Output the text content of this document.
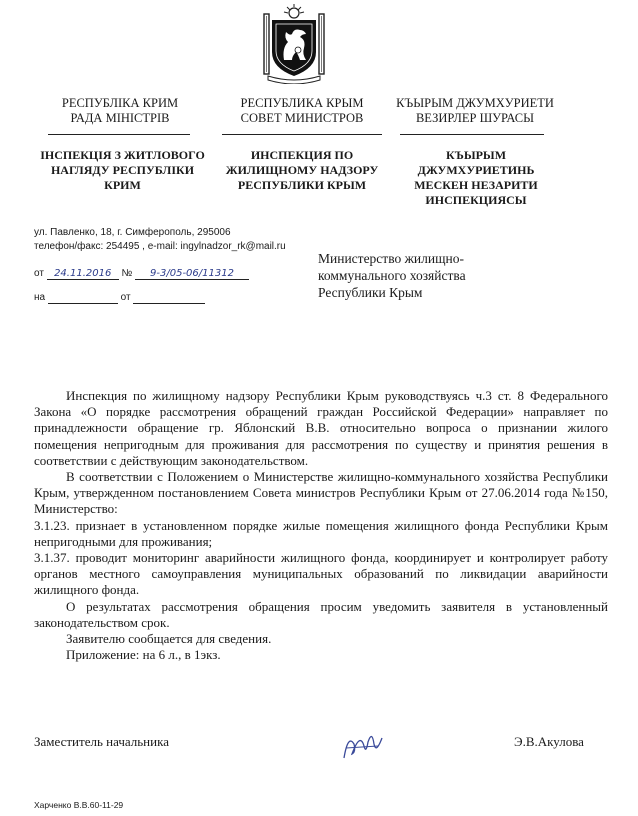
РЕСПУБЛІКА КРИМ
РАДА МІНІСТРІВ
РЕСПУБЛИКА КРЫМ
СОВЕТ МИНИСТРОВ
КЪЫРЫМ ДЖУМХУРИЕТИ
ВЕЗИРЛЕР ШУРАСЫ
ІНСПЕКЦІЯ З ЖИТЛОВОГО
НАГЛЯДУ РЕСПУБЛІКИ
КРИМ
ИНСПЕКЦИЯ ПО
ЖИЛИЩНОМУ НАДЗОРУ
РЕСПУБЛИКИ КРЫМ
КЪЫРЫМ
ДЖУМХУРИЕТИНЬ
МЕСКЕН НЕЗАРИТИ
ИНСПЕКЦИЯСЫ
ул. Павленко, 18, г. Симферополь, 295006
телефон/факс: 254495 , e-mail: ingylnadzor_rk@mail.ru
от 24.11.2016 № 9-3/05-06/11312
на	от
Министерство жилищно-
коммунального хозяйства
Республики Крым

Инспекция по жилищному надзору Республики Крым руководствуясь ч.3 ст. 8 Федерального Закона «О порядке рассмотрения обращений граждан Российской Федерации» направляет по принадлежности обращение гр. Яблонский В.В. относительно вопроса о признании жилого помещения непригодным для проживания для рассмотрения по существу и принятия решения в соответствии с действующим законодательством.

В соответствии с Положением о Министерстве жилищно-коммунального хозяйства Республики Крым, утвержденном постановлением Совета министров Республики Крым от 27.06.2014 года №150, Министерство:

3.1.23. признает в установленном порядке жилые помещения жилищного фонда Республики Крым непригодными для проживания;

3.1.37. проводит мониторинг аварийности жилищного фонда, координирует и контролирует работу органов местного самоуправления муниципальных образований по ликвидации аварийности жилищного фонда.

О результатах рассмотрения обращения просим уведомить заявителя в установленный законодательством срок.

Заявителю сообщается для сведения.

Приложение: на 6 л., в 1экз.

Заместитель начальника	Э.В.Акулова
Харченко В.В.60-11-29
